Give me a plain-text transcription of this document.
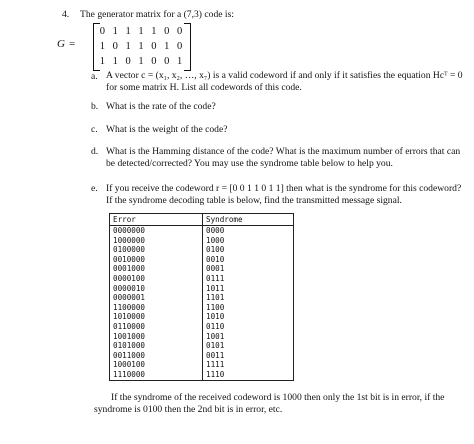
4. The generator matrix for a (7,3) code is:
G =
0 1 1 1 1 0 0
1 0 1 1 0 1 0
1 1 0 1 0 0 1
a. A vector c = (x₁, x₂, …, x₇) is a valid codeword if and only if it satisfies the equation Hcᵀ = 0
for some matrix H. List all codewords of this code.
b. What is the rate of the code?
c. What is the weight of the code?
d. What is the Hamming distance of the code? What is the maximum number of errors that can
be detected/corrected? You may use the syndrome table below to help you.
e. If you receive the codeword r = [0 0 1 1 0 1 1] then what is the syndrome for this codeword?
If the syndrome decoding table is below, find the transmitted message signal.
Error	Syndrome
0000000	0000
1000000	1000
0100000	0100
0010000	0010
0001000	0001
0000100	0111
0000010	1011
0000001	1101
1100000	1100
1010000	1010
0110000	0110
1001000	1001
0101000	0101
0011000	0011
1000100	1111
1110000	1110
If the syndrome of the received codeword is 1000 then only the 1st bit is in error, if the
syndrome is 0100 then the 2nd bit is in error, etc.
